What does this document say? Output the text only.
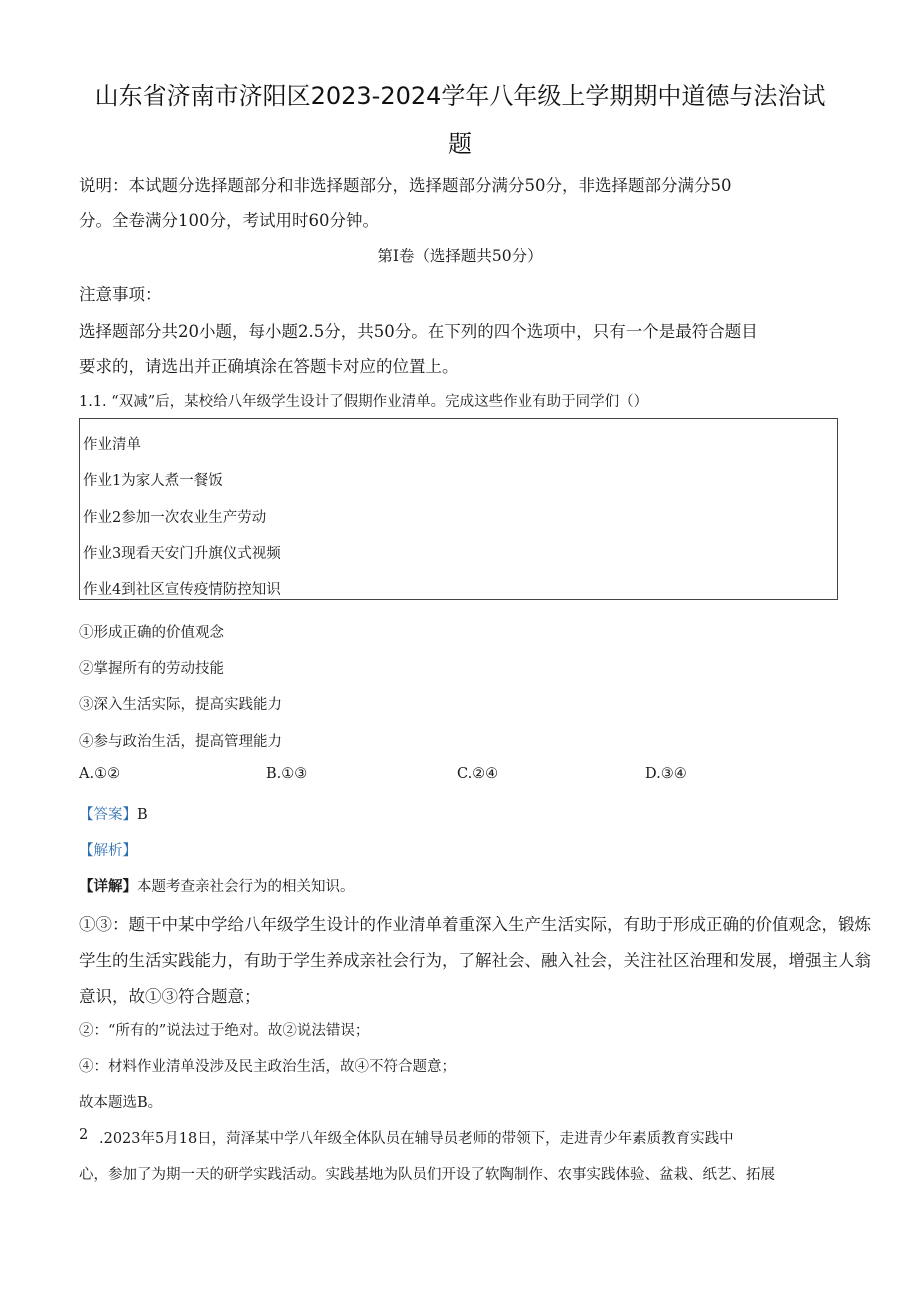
山东省济南市济阳区2023-2024学年八年级上学期期中道德与法治试
题
说明：本试题分选择题部分和非选择题部分，选择题部分满分50分，非选择题部分满分50
分。全卷满分100分，考试用时60分钟。
第I卷（选择题共50分）
注意事项：
选择题部分共20小题，每小题2.5分，共50分。在下列的四个选项中，只有一个是最符合题目
要求的，请选出并正确填涂在答题卡对应的位置上。
1.1. “双减”后，某校给八年级学生设计了假期作业清单。完成这些作业有助于同学们（）
作业清单
作业1为家人煮一餐饭
作业2参加一次农业生产劳动
作业3现看天安门升旗仪式视频
作业4到社区宣传疫情防控知识
①形成正确的价值观念
②掌握所有的劳动技能
③深入生活实际，提高实践能力
④参与政治生活，提高管理能力
A.①②	B.①③	C.②④	D.③④
【答案】B
【解析】
【详解】本题考查亲社会行为的相关知识。
①③：题干中某中学给八年级学生设计的作业清单着重深入生产生活实际，有助于形成正确的价值观念，锻炼
学生的生活实践能力，有助于学生养成亲社会行为，了解社会、融入社会，关注社区治理和发展，增强主人翁
意识，故①③符合题意；
②：“所有的”说法过于绝对。故②说法错误；
④：材料作业清单没涉及民主政治生活，故④不符合题意；
故本题选B。
2 .2023年5月18日，菏泽某中学八年级全体队员在辅导员老师的带领下，走进青少年素质教育实践中
心，参加了为期一天的研学实践活动。实践基地为队员们开设了软陶制作、农事实践体验、盆栽、纸艺、拓展
